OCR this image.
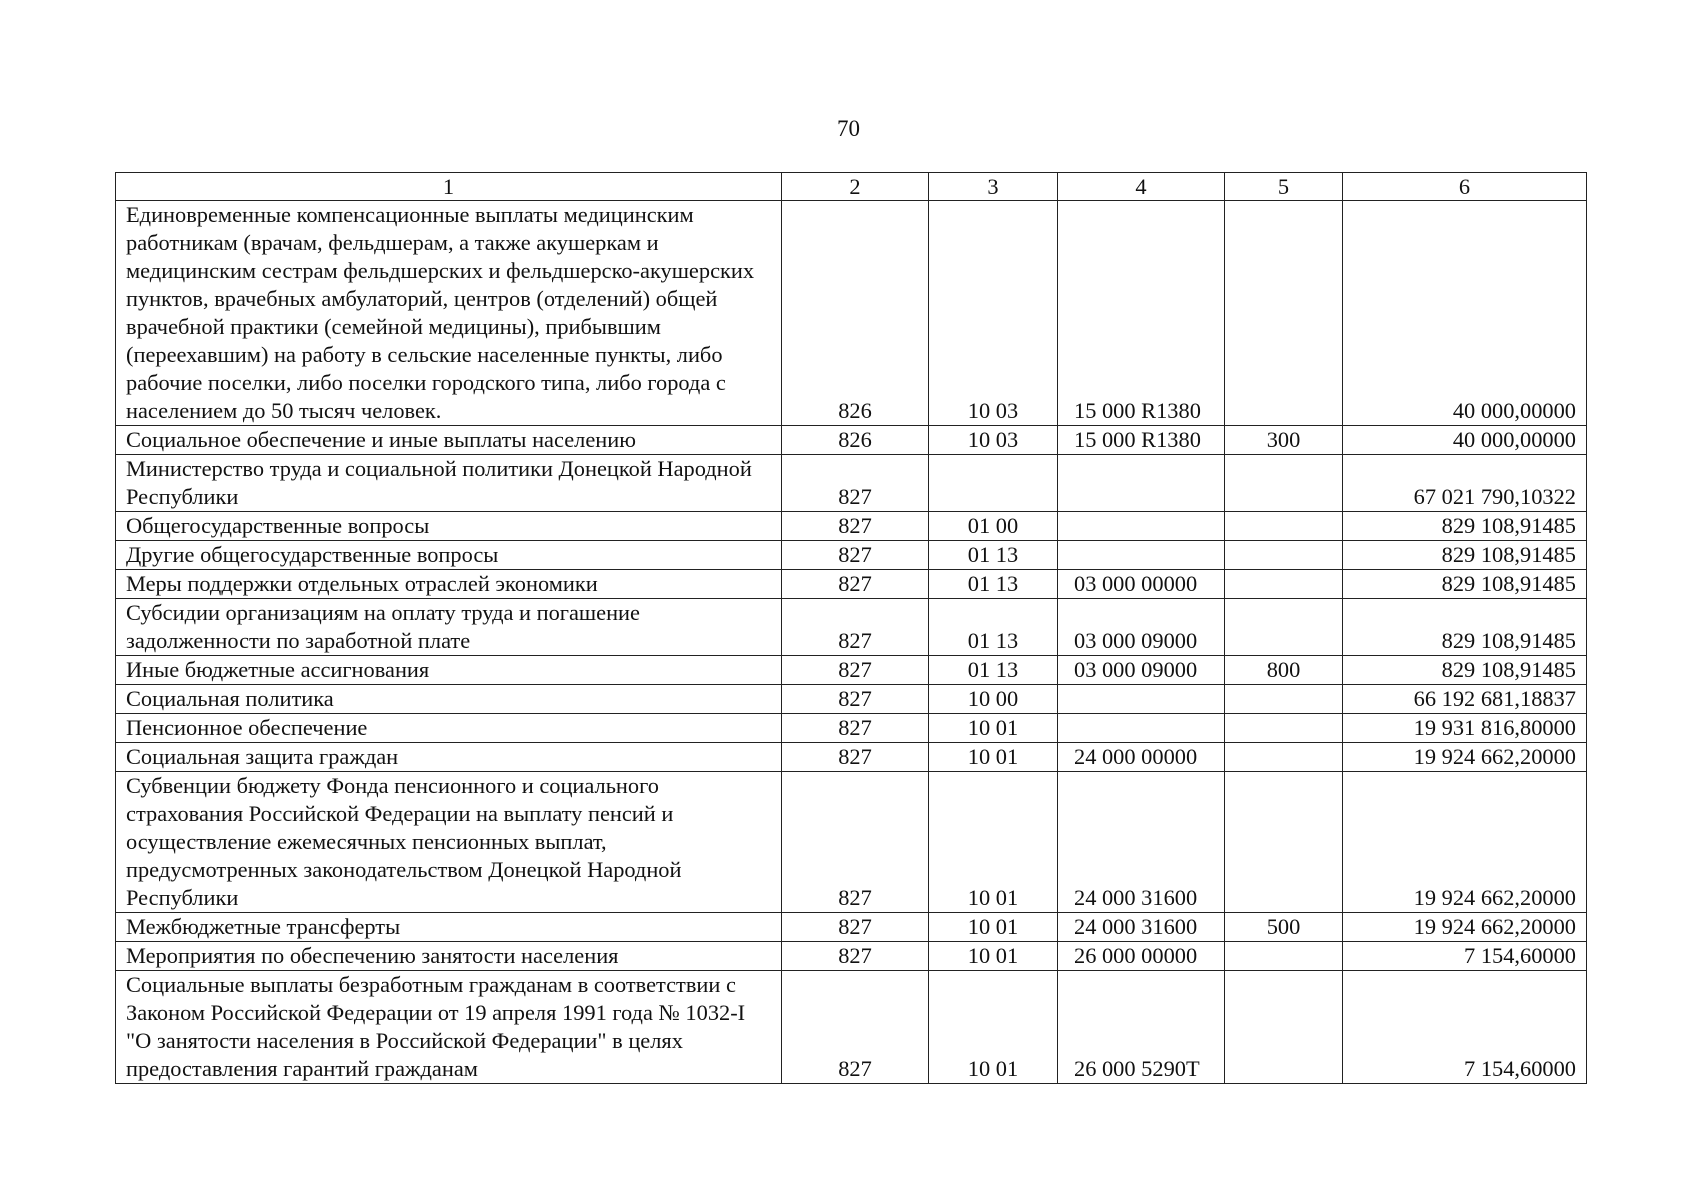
70
1	2	3	4	5	6
Единовременные компенсационные выплаты медицинским работникам (врачам, фельдшерам, а также акушеркам и медицинским сестрам фельдшерских и фельдшерско-акушерских пунктов, врачебных амбулаторий, центров (отделений) общей врачебной практики (семейной медицины), прибывшим (переехавшим) на работу в сельские населенные пункты, либо рабочие поселки, либо поселки городского типа, либо города с населением до 50 тысяч человек.	826	10 03	15 000 R1380		40 000,00000
Социальное обеспечение и иные выплаты населению	826	10 03	15 000 R1380	300	40 000,00000
Министерство труда и социальной политики Донецкой Народной Республики	827				67 021 790,10322
Общегосударственные вопросы	827	01 00			829 108,91485
Другие общегосударственные вопросы	827	01 13			829 108,91485
Меры поддержки отдельных отраслей экономики	827	01 13	03 000 00000		829 108,91485
Субсидии организациям на оплату труда и погашение задолженности по заработной плате	827	01 13	03 000 09000		829 108,91485
Иные бюджетные ассигнования	827	01 13	03 000 09000	800	829 108,91485
Социальная политика	827	10 00			66 192 681,18837
Пенсионное обеспечение	827	10 01			19 931 816,80000
Социальная защита граждан	827	10 01	24 000 00000		19 924 662,20000
Субвенции бюджету Фонда пенсионного и социального страхования Российской Федерации на выплату пенсий и осуществление ежемесячных пенсионных выплат, предусмотренных законодательством Донецкой Народной Республики	827	10 01	24 000 31600		19 924 662,20000
Межбюджетные трансферты	827	10 01	24 000 31600	500	19 924 662,20000
Мероприятия по обеспечению занятости населения	827	10 01	26 000 00000		7 154,60000
Социальные выплаты безработным гражданам в соответствии с Законом Российской Федерации от 19 апреля 1991 года № 1032-I "О занятости населения в Российской Федерации" в целях предоставления гарантий гражданам	827	10 01	26 000 5290T		7 154,60000
